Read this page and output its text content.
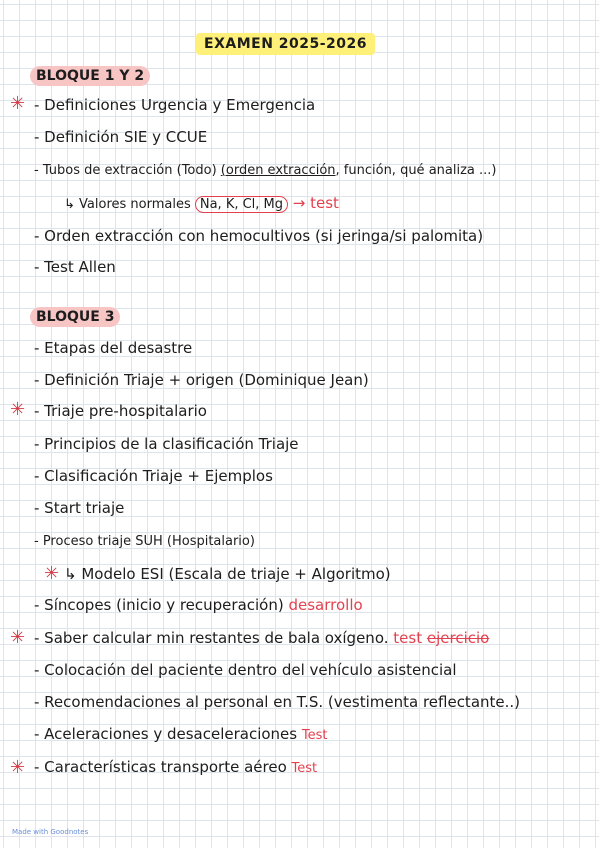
EXAMEN 2025-2026
BLOQUE 1 Y 2
✳ - Definiciones Urgencia y Emergencia
- Definición SIE y CCUE
- Tubos de extracción (Todo) (orden extracción, función, qué analiza ...)
↳ Valores normales Na, K, Cl, Mg → test
- Orden extracción con hemocultivos (si jeringa/si palomita)
- Test Allen
BLOQUE 3
- Etapas del desastre
- Definición Triaje + origen (Dominique Jean)
✳ - Triaje pre-hospitalario
- Principios de la clasificación Triaje
- Clasificación Triaje + Ejemplos
- Start triaje
- Proceso triaje SUH (Hospitalario)
✳ ↳ Modelo ESI (Escala de triaje + Algoritmo)
- Síncopes (inicio y recuperación) desarrollo
✳ - Saber calcular min restantes de bala oxígeno. test ejercicio
- Colocación del paciente dentro del vehículo asistencial
- Recomendaciones al personal en T.S. (vestimenta reflectante..)
- Aceleraciones y desaceleraciones Test
✳ - Características transporte aéreo Test
Made with Goodnotes
